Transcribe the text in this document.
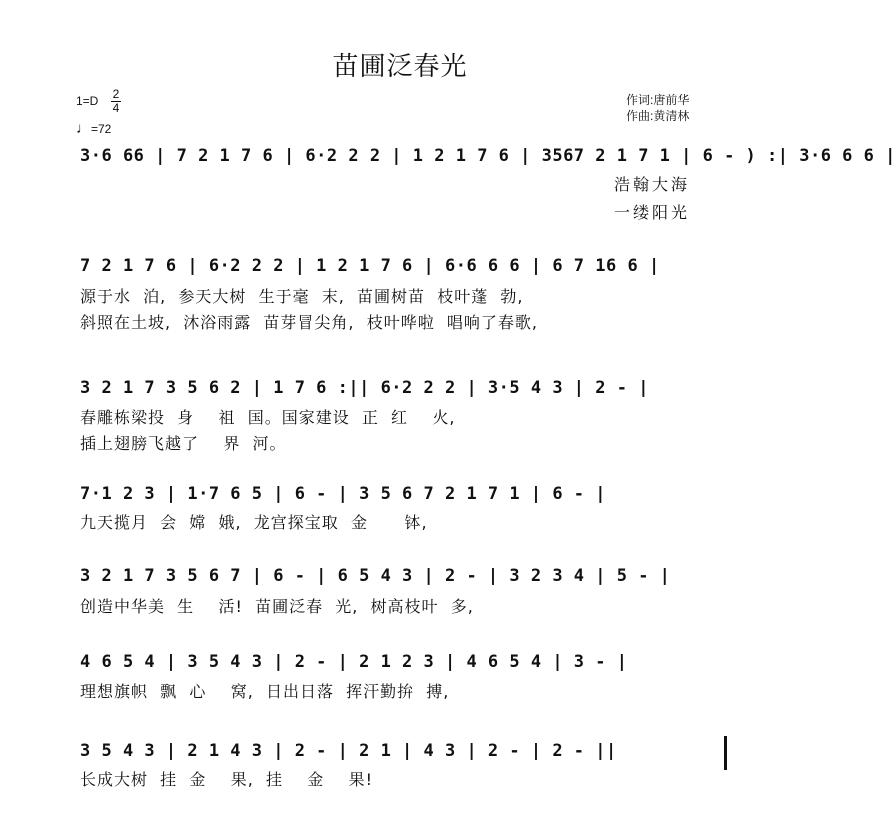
苗圃泛春光
1=D 2
4
♩=72
作词:唐前华
作曲:黄清林
3·6 66 | 7 2 1 7 6 | 6·2 2 2 | 1 2 1 7 6 | 3567 2 1 7 1 | 6 - ) :| 3·6 6 6 |
浩翰大海
一缕阳光
7 2 1 7 6 | 6·2 2 2 | 1 2 1 7 6 | 6·6 6 6 | 6 7 16 6 |
源于水  泊,  参天大树  生于毫  末,  苗圃树苗  枝叶蓬  勃,
斜照在土坡,  沐浴雨露  苗芽冒尖角,  枝叶哗啦  唱响了春歌,
3 2 1 7 3 5 6 2 | 1 7 6 :|| 6·2 2 2 | 3·5 4 3 | 2 - |
春雕栋梁投  身    祖  国。国家建设  正  红    火,
插上翅膀飞越了    界  河。
7·1 2 3 | 1·7 6 5 | 6 - | 3 5 6 7 2 1 7 1 | 6 - |
九天揽月  会  嫦  娥,  龙宫探宝取  金      钵,
3 2 1 7 3 5 6 7 | 6 - | 6 5 4 3 | 2 - | 3 2 3 4 | 5 - |
创造中华美  生    活!  苗圃泛春  光,  树高枝叶  多,
4 6 5 4 | 3 5 4 3 | 2 - | 2 1 2 3 | 4 6 5 4 | 3 - |
理想旗帜  飘  心    窝,  日出日落  挥汗勤拚  搏,
3 5 4 3 | 2 1 4 3 | 2 - | 2 1 | 4 3 | 2 - | 2 - ||
长成大树  挂  金    果,  挂    金    果!
